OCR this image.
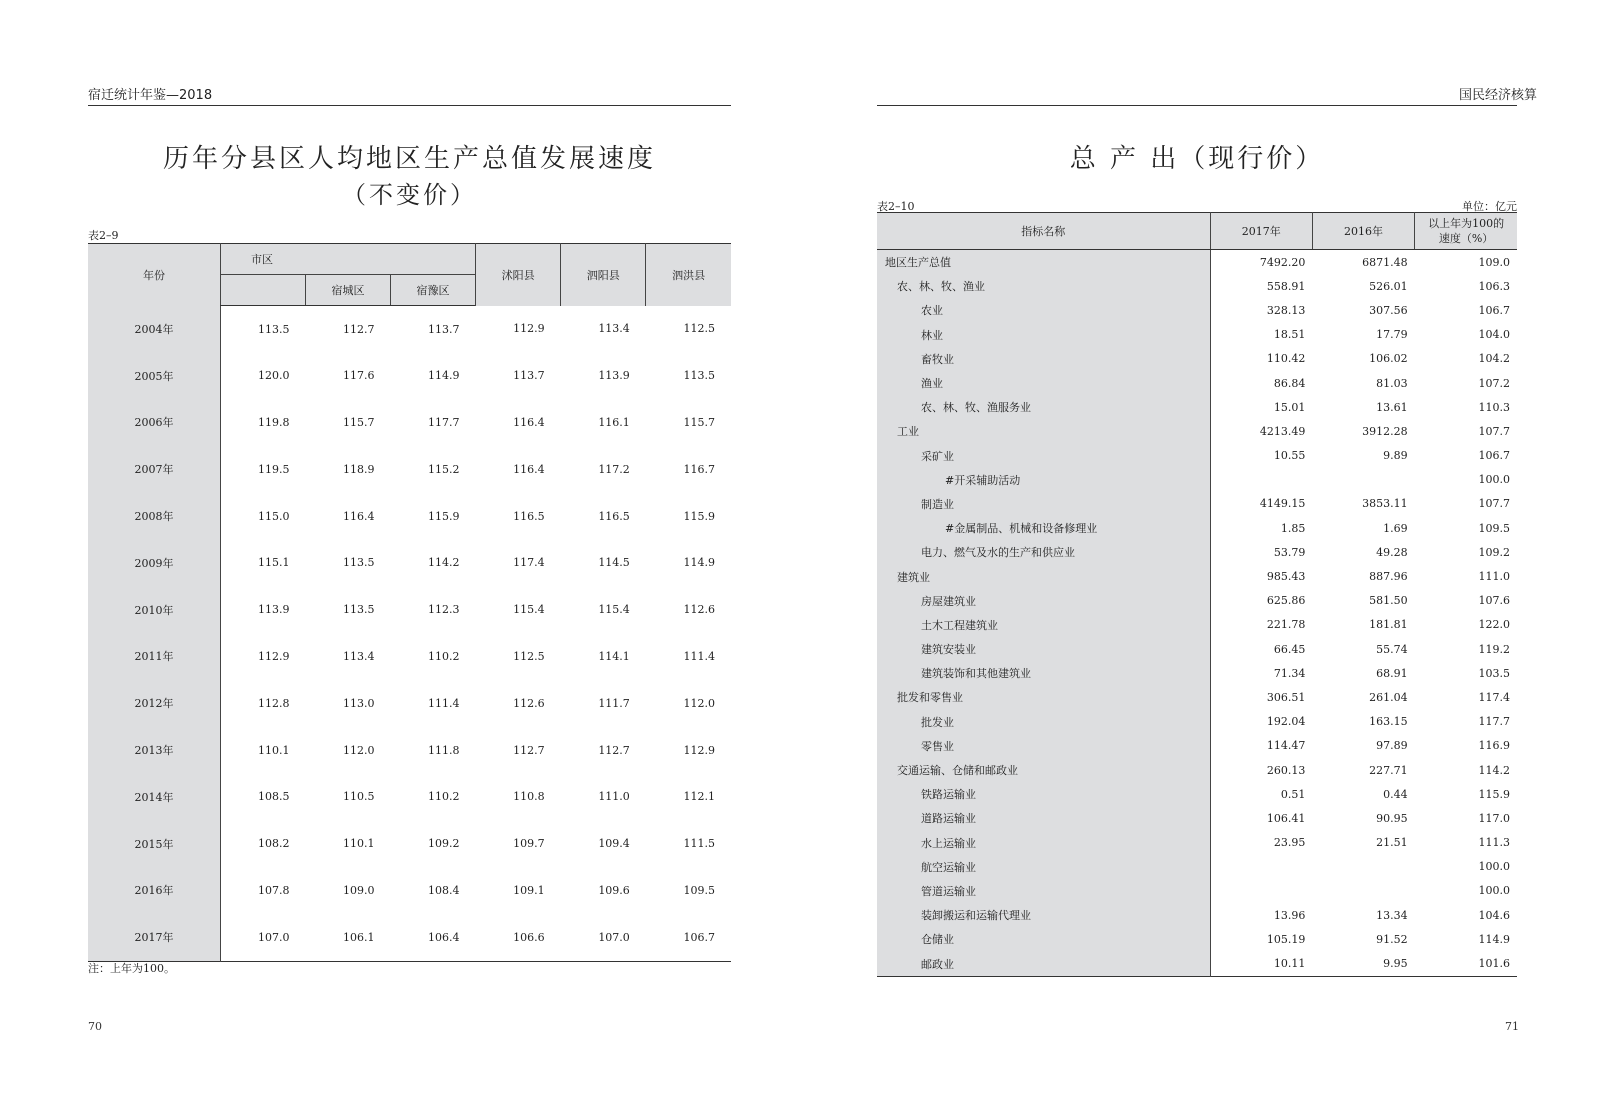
宿迁统计年鉴—2018
历年分县区人均地区生产总值发展速度
（不变价）
表2–9
年份	市区			沭阳县	泗阳县	泗洪县
		宿城区	宿豫区			
2004年	113.5	112.7	113.7	112.9	113.4	112.5
2005年	120.0	117.6	114.9	113.7	113.9	113.5
2006年	119.8	115.7	117.7	116.4	116.1	115.7
2007年	119.5	118.9	115.2	116.4	117.2	116.7
2008年	115.0	116.4	115.9	116.5	116.5	115.9
2009年	115.1	113.5	114.2	117.4	114.5	114.9
2010年	113.9	113.5	112.3	115.4	115.4	112.6
2011年	112.9	113.4	110.2	112.5	114.1	111.4
2012年	112.8	113.0	111.4	112.6	111.7	112.0
2013年	110.1	112.0	111.8	112.7	112.7	112.9
2014年	108.5	110.5	110.2	110.8	111.0	112.1
2015年	108.2	110.1	109.2	109.7	109.4	111.5
2016年	107.8	109.0	108.4	109.1	109.6	109.5
2017年	107.0	106.1	106.4	106.6	107.0	106.7
注：上年为100。
70
国民经济核算
总 产 出（现行价）
表2–10	单位：亿元
指标名称	2017年	2016年	以上年为100的
速度（%）

地区生产总值	7492.20	6871.48	109.0
农、林、牧、渔业	558.91	526.01	106.3
农业	328.13	307.56	106.7
林业	18.51	17.79	104.0
畜牧业	110.42	106.02	104.2
渔业	86.84	81.03	107.2
农、林、牧、渔服务业	15.01	13.61	110.3
工业	4213.49	3912.28	107.7
采矿业	10.55	9.89	106.7
#开采辅助活动			100.0
制造业	4149.15	3853.11	107.7
#金属制品、机械和设备修理业	1.85	1.69	109.5
电力、燃气及水的生产和供应业	53.79	49.28	109.2
建筑业	985.43	887.96	111.0
房屋建筑业	625.86	581.50	107.6
土木工程建筑业	221.78	181.81	122.0
建筑安装业	66.45	55.74	119.2
建筑装饰和其他建筑业	71.34	68.91	103.5
批发和零售业	306.51	261.04	117.4
批发业	192.04	163.15	117.7
零售业	114.47	97.89	116.9
交通运输、仓储和邮政业	260.13	227.71	114.2
铁路运输业	0.51	0.44	115.9
道路运输业	106.41	90.95	117.0
水上运输业	23.95	21.51	111.3
航空运输业			100.0
管道运输业			100.0
装卸搬运和运输代理业	13.96	13.34	104.6
仓储业	105.19	91.52	114.9
邮政业	10.11	9.95	101.6
71
